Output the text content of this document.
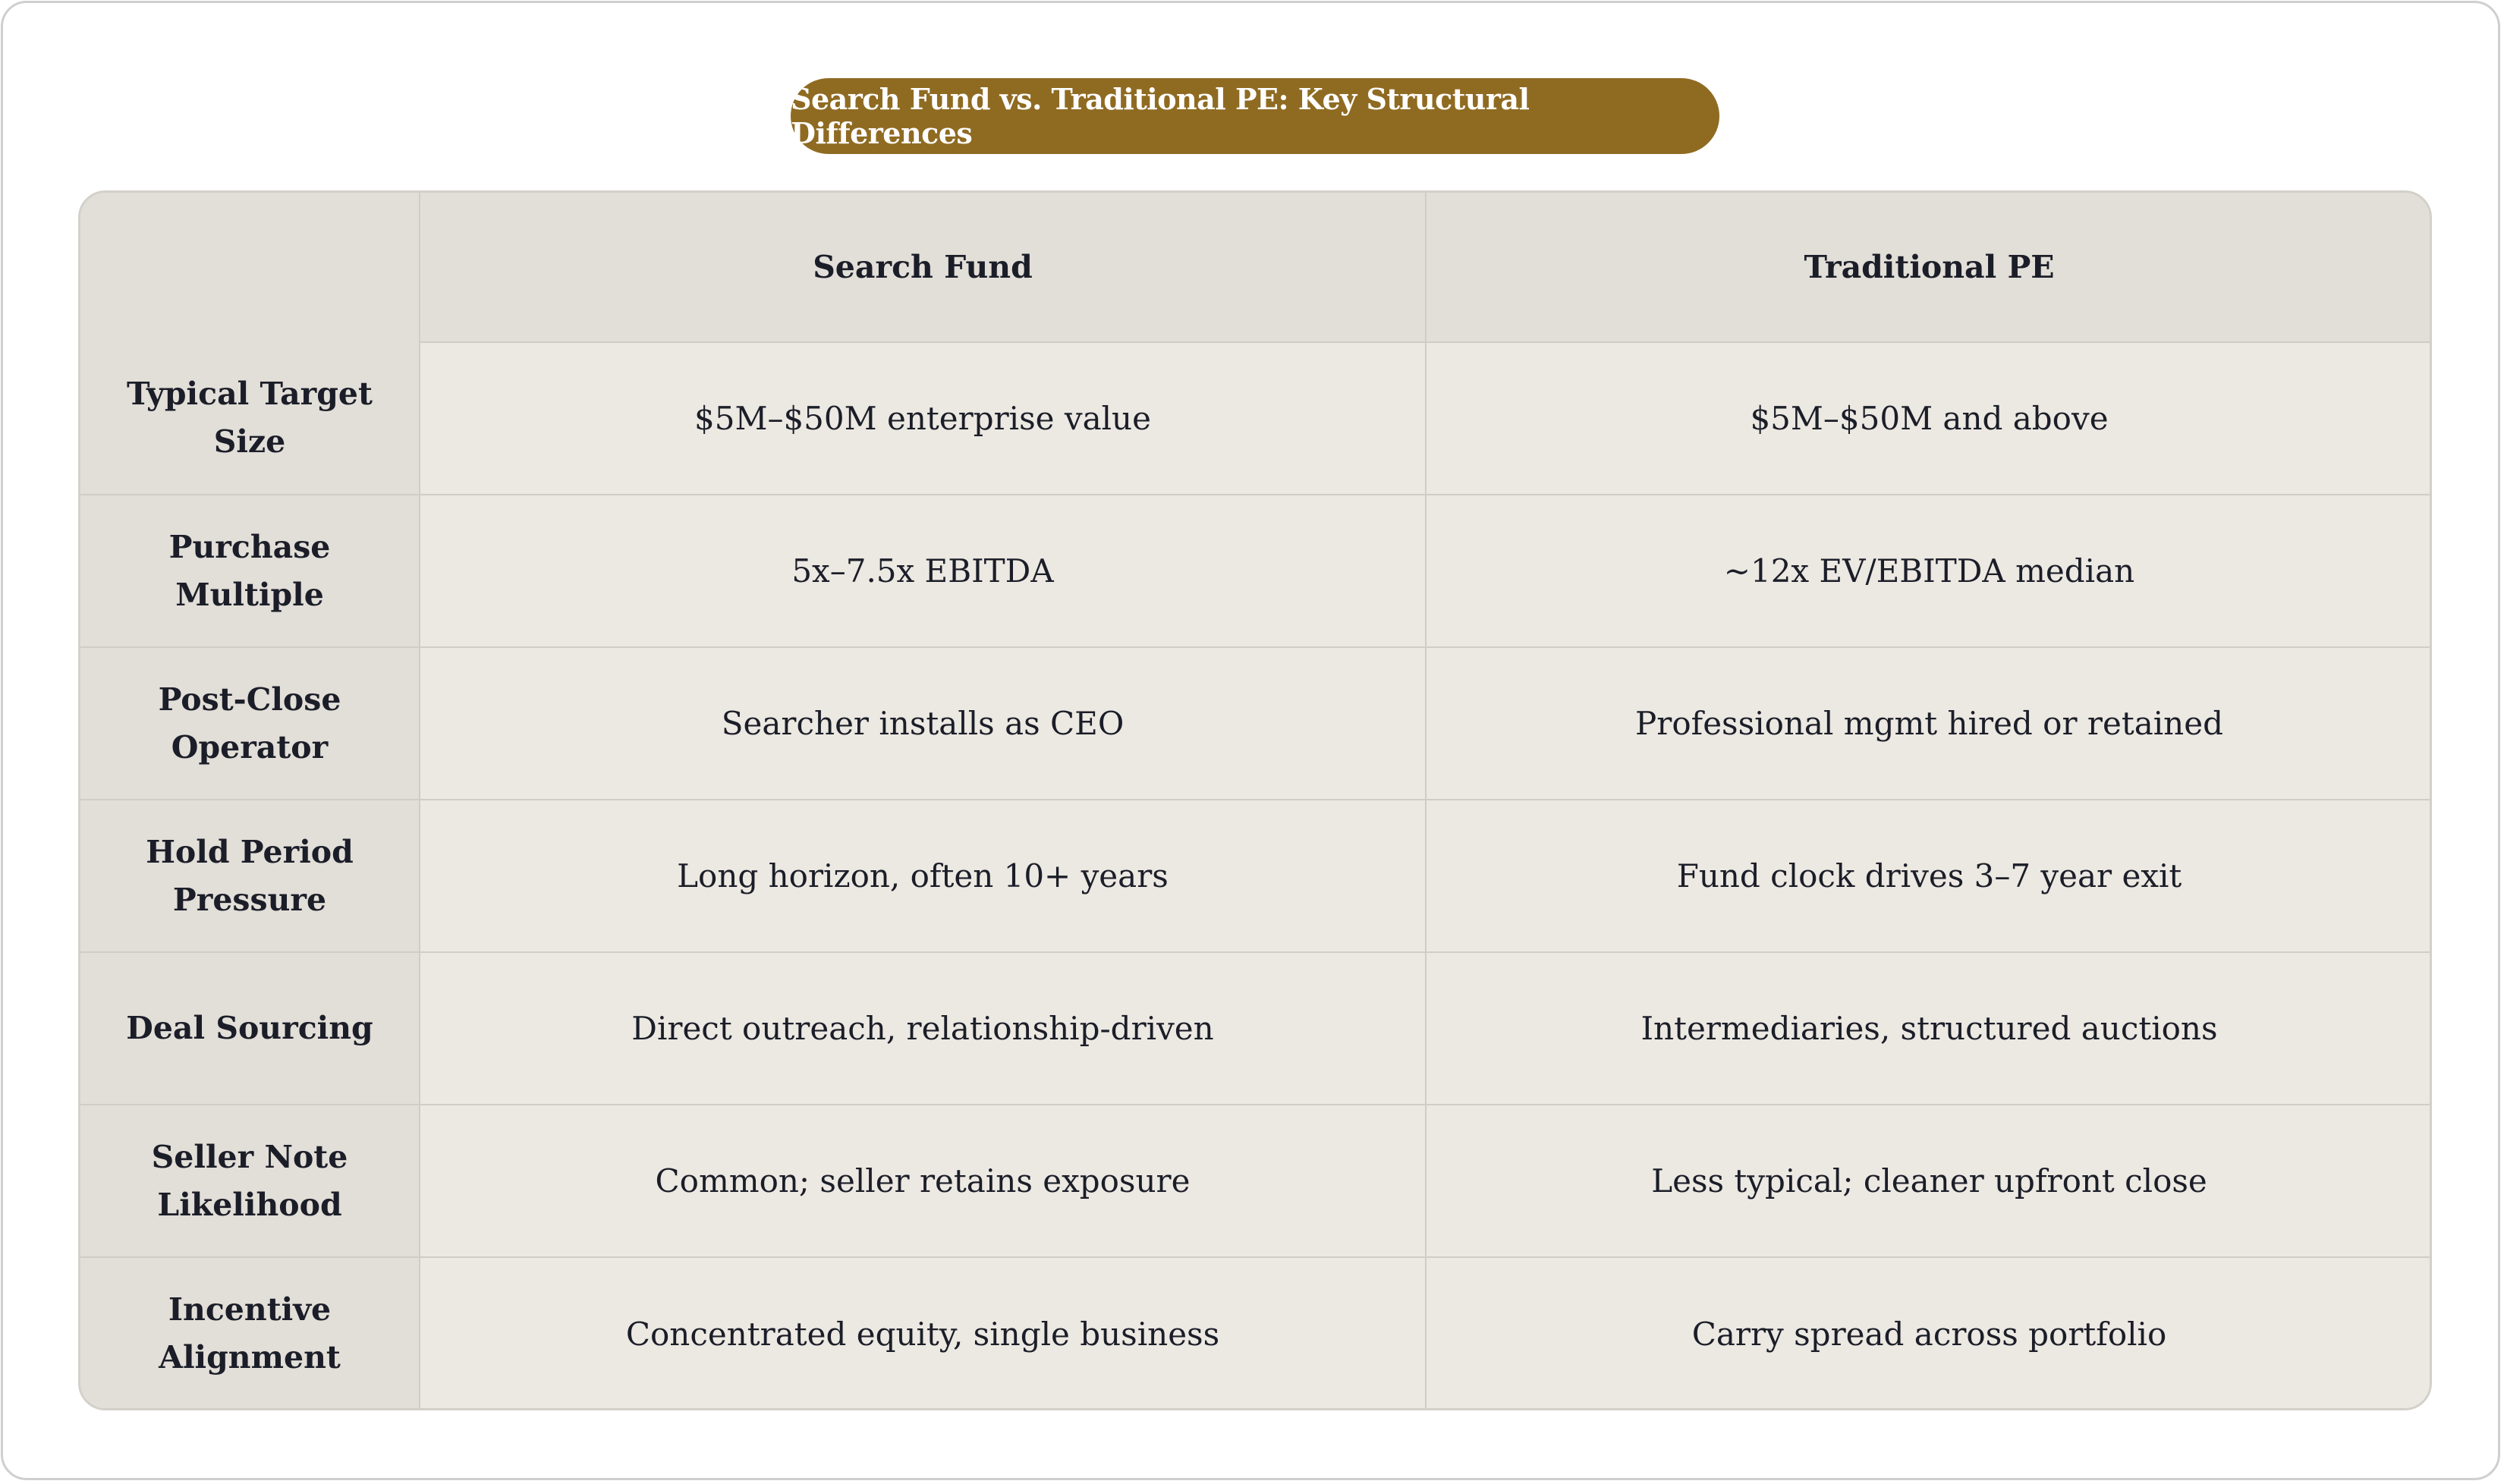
Search Fund vs. Traditional PE: Key Structural Differences
	Search Fund	Traditional PE
Typical Target Size	$5M–$50M enterprise value	$5M–$50M and above
Purchase Multiple	5x–7.5x EBITDA	~12x EV/EBITDA median
Post-Close Operator	Searcher installs as CEO	Professional mgmt hired or retained
Hold Period Pressure	Long horizon, often 10+ years	Fund clock drives 3–7 year exit
Deal Sourcing	Direct outreach, relationship-driven	Intermediaries, structured auctions
Seller Note Likelihood	Common; seller retains exposure	Less typical; cleaner upfront close
Incentive Alignment	Concentrated equity, single business	Carry spread across portfolio
